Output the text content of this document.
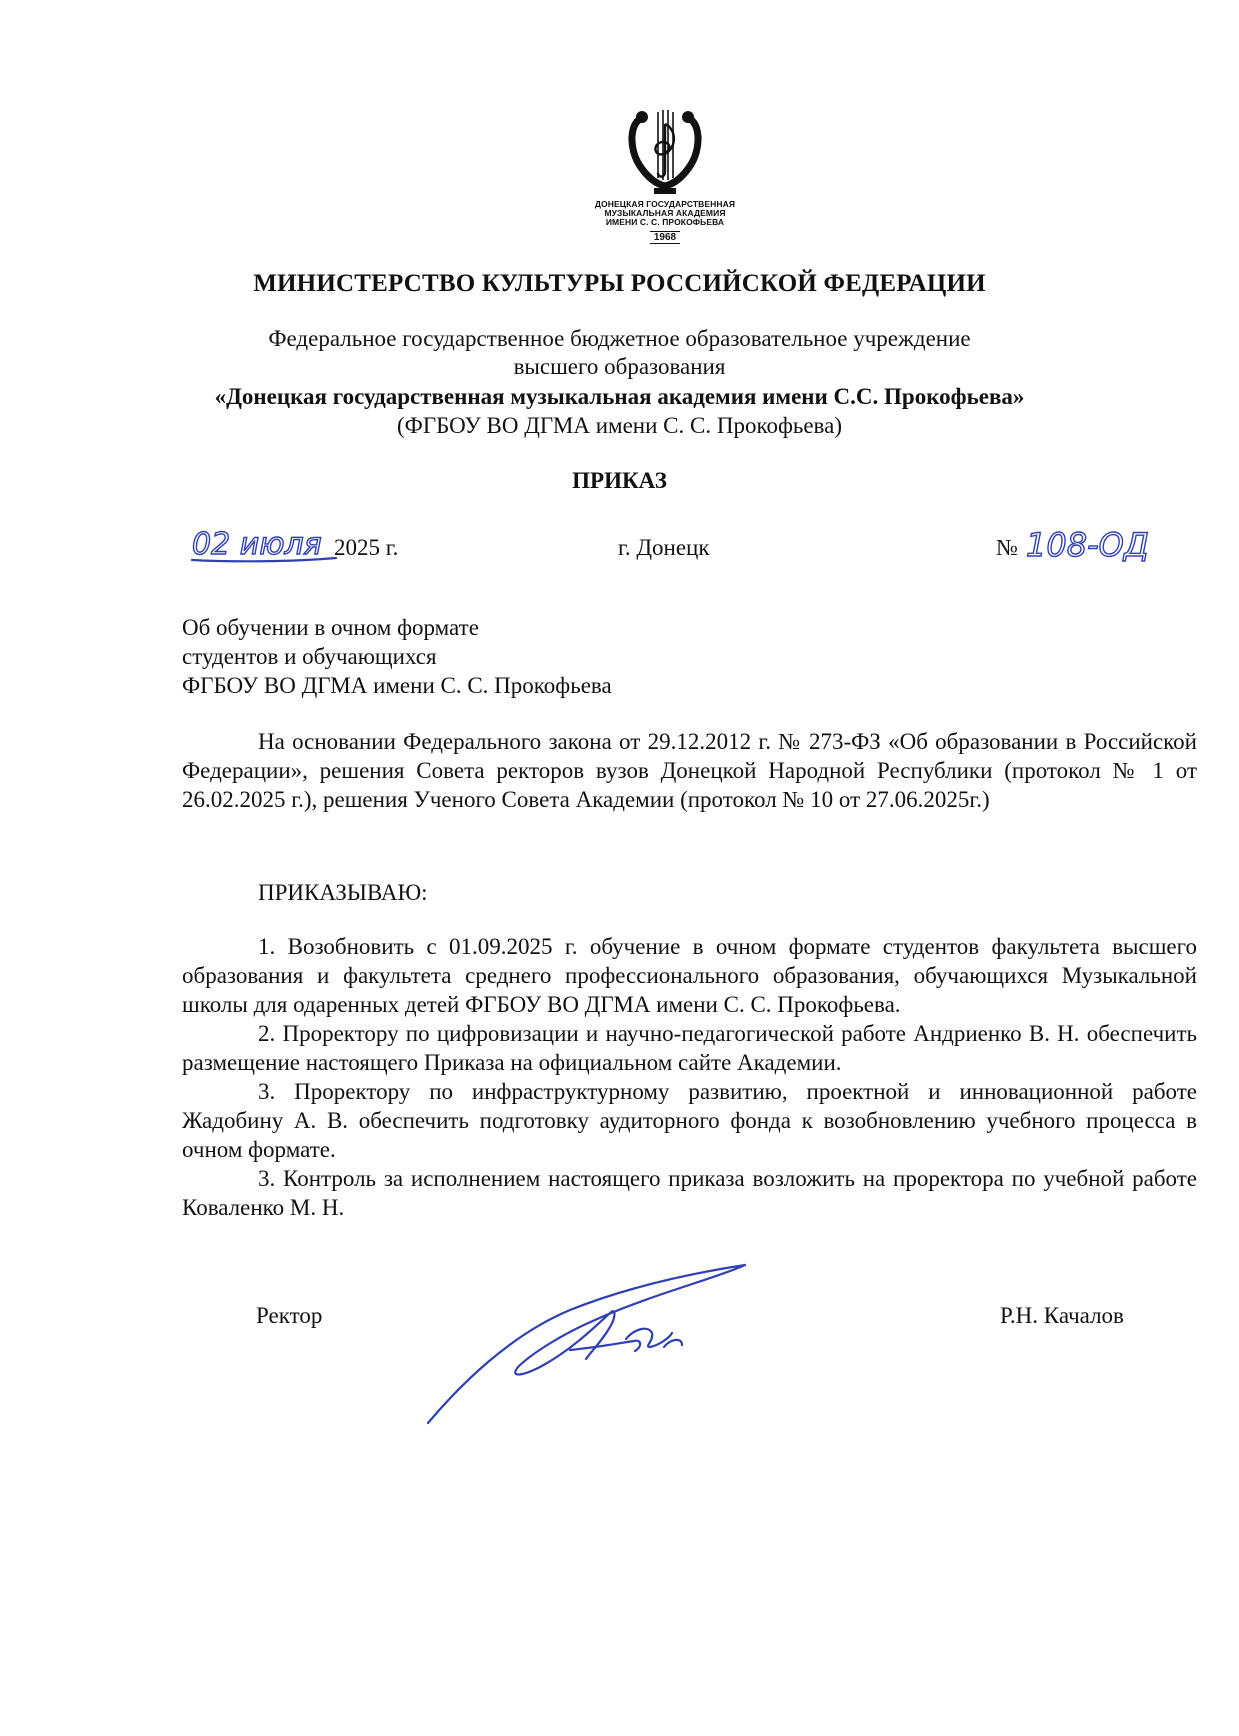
ДОНЕЦКАЯ ГОСУДАРСТВЕННАЯ
МУЗЫКАЛЬНАЯ АКАДЕМИЯ
ИМЕНИ С. С. ПРОКОФЬЕВА
1968
МИНИСТЕРСТВО КУЛЬТУРЫ РОССИЙСКОЙ ФЕДЕРАЦИИ
Федеральное государственное бюджетное образовательное учреждение
высшего образования
«Донецкая государственная музыкальная академия имени С.С. Прокофьева»
(ФГБОУ ВО ДГМА имени С. С. Прокофьева)
ПРИКАЗ
02 июля 2025 г.	г. Донецк	№ 108-ОД
Об обучении в очном формате
студентов и обучающихся
ФГБОУ ВО ДГМА имени С. С. Прокофьева
На основании Федерального закона от 29.12.2012 г. № 273-ФЗ «Об образовании в Российской Федерации», решения Совета ректоров вузов Донецкой Народной Республики (протокол № 1 от 26.02.2025 г.), решения Ученого Совета Академии (протокол № 10 от 27.06.2025г.)
ПРИКАЗЫВАЮ:

1. Возобновить с 01.09.2025 г. обучение в очном формате студентов факультета высшего образования и факультета среднего профессионального образования, обучающихся Музыкальной школы для одаренных детей ФГБОУ ВО ДГМА имени С. С. Прокофьева.

2. Проректору по цифровизации и научно-педагогической работе Андриенко В. Н. обеспечить размещение настоящего Приказа на официальном сайте Академии.

3. Проректору по инфраструктурному развитию, проектной и инновационной работе Жадобину А. В. обеспечить подготовку аудиторного фонда к возобновлению учебного процесса в очном формате.

3. Контроль за исполнением настоящего приказа возложить на проректора по учебной работе Коваленко М. Н.

Ректор	Р.Н. Качалов
